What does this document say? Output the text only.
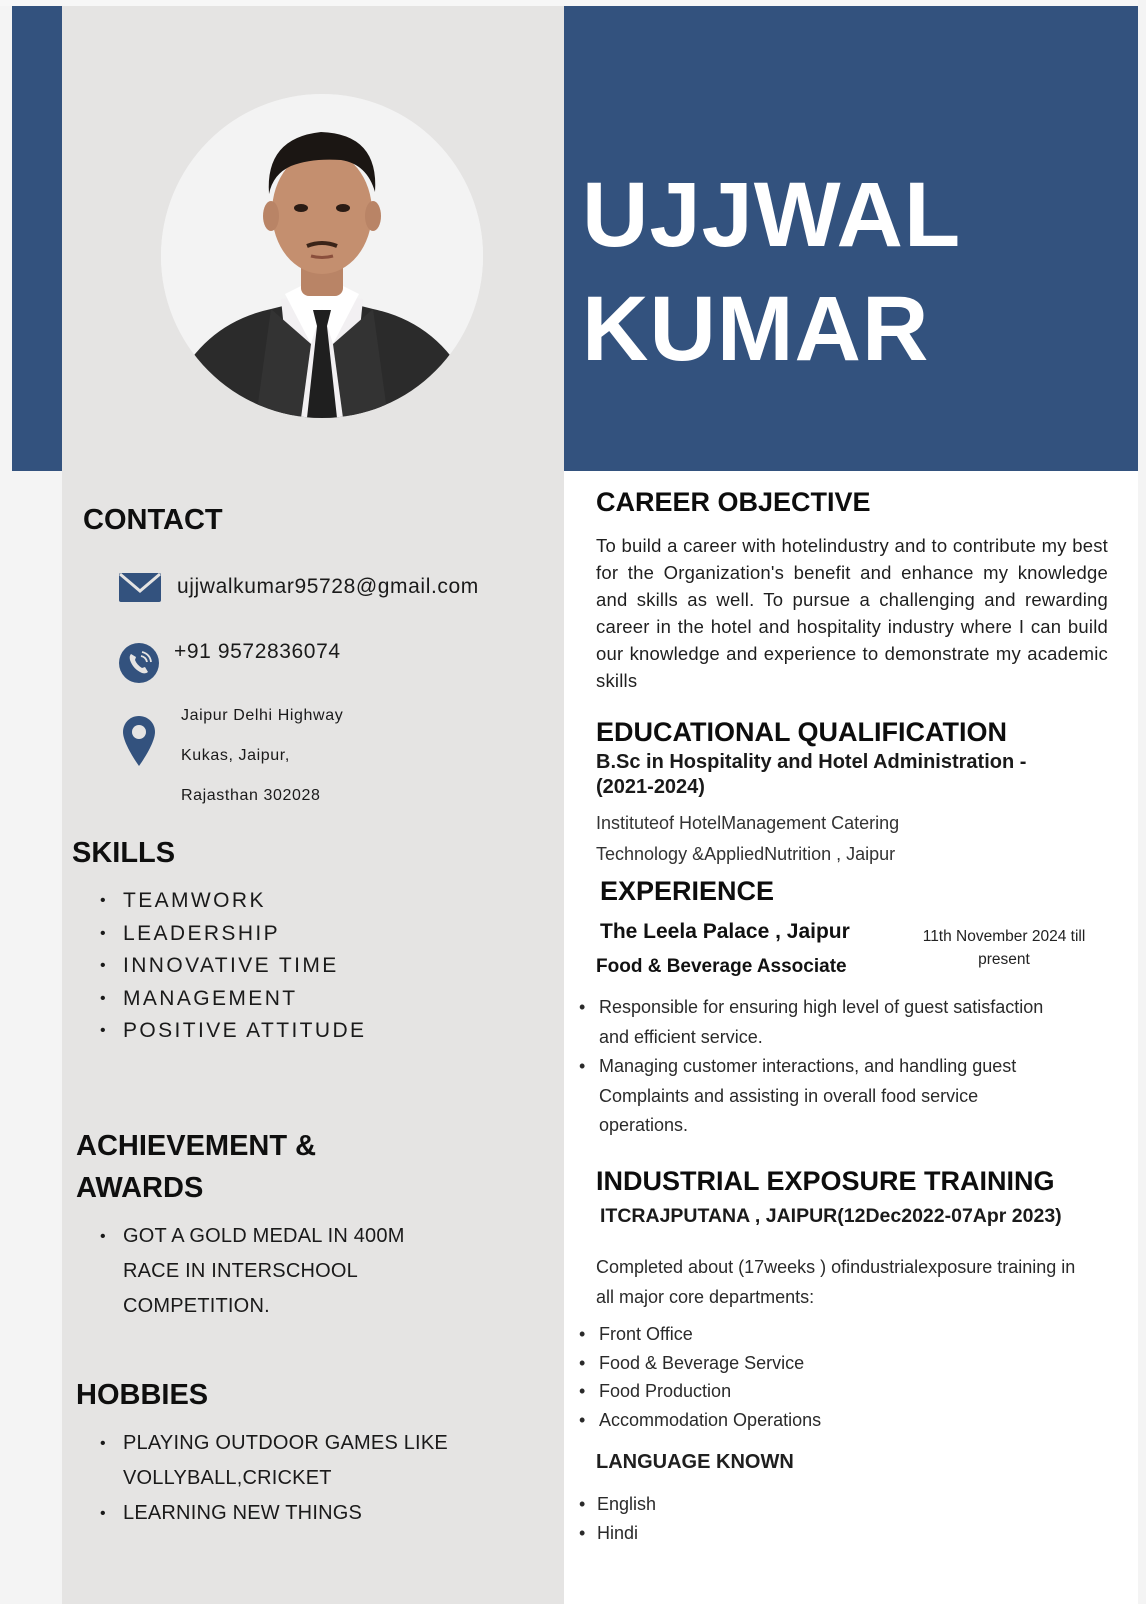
UJJWAL
KUMAR
CONTACT
ujjwalkumar95728@gmail.com
+91 9572836074
Jaipur Delhi Highway
Kukas, Jaipur,
Rajasthan 302028
SKILLS
• TEAMWORK
• LEADERSHIP
• INNOVATIVE TIME
• MANAGEMENT
• POSITIVE ATTITUDE
ACHIEVEMENT &
AWARDS
• GOT A GOLD MEDAL IN 400M RACE IN INTERSCHOOL COMPETITION.
HOBBIES
• PLAYING OUTDOOR GAMES LIKE VOLLYBALL,CRICKET
• LEARNING NEW THINGS
CAREER OBJECTIVE
To build a career with hotelindustry and to contribute my best for the Organization's benefit and enhance my knowledge and skills as well. To pursue a challenging and rewarding career in the hotel and hospitality industry where I can build our knowledge and experience to demonstrate my academic skills
EDUCATIONAL QUALIFICATION
B.Sc in Hospitality and Hotel Administration -(2021-2024)
Instituteof HotelManagement Catering
Technology &AppliedNutrition , Jaipur
EXPERIENCE
The Leela Palace , Jaipur
Food & Beverage Associate
11th November 2024 till present
• Responsible for ensuring high level of guest satisfaction and efficient service.
• Managing customer interactions, and handling guest Complaints and assisting in overall food service operations.
INDUSTRIAL EXPOSURE TRAINING
ITCRAJPUTANA , JAIPUR(12Dec2022-07Apr 2023)
Completed about (17weeks ) ofindustrialexposure training in all major core departments:
• Front Office
• Food & Beverage Service
• Food Production
• Accommodation Operations
LANGUAGE KNOWN
• English
• Hindi
